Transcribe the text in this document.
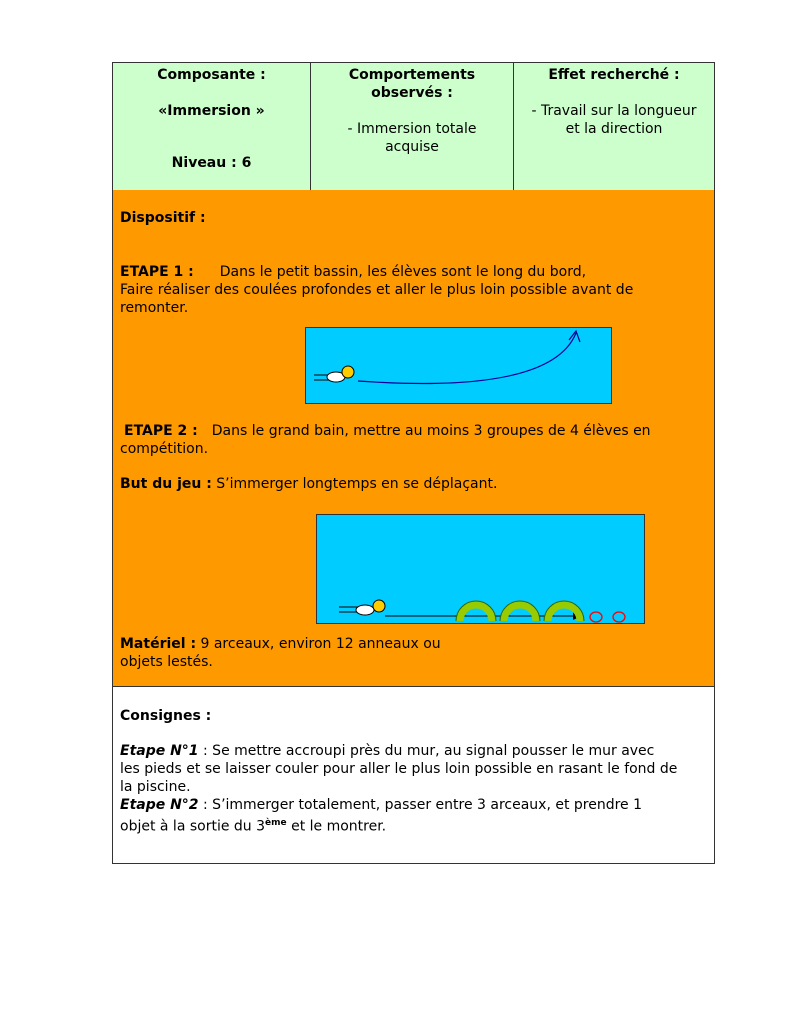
Composante :
«Immersion »
Niveau : 6
Comportements
observés :
- Immersion totale
acquise
Effet recherché :
- Travail sur la longueur
et la direction
Dispositif :
ETAPE 1 : Dans le petit bassin, les élèves sont le long du bord,
Faire réaliser des coulées profondes et aller le plus loin possible avant de
remonter.
ETAPE 2 : Dans le grand bain, mettre au moins 3 groupes de 4 élèves en
compétition.
But du jeu : S’immerger longtemps en se déplaçant.
Matériel : 9 arceaux, environ 12 anneaux ou
objets lestés.
Consignes :
Etape N°1 : Se mettre accroupi près du mur, au signal pousser le mur avec
les pieds et se laisser couler pour aller le plus loin possible en rasant le fond de
la piscine.
Etape N°2 : S’immerger totalement, passer entre 3 arceaux, et prendre 1
objet à la sortie du 3ème et le montrer.
